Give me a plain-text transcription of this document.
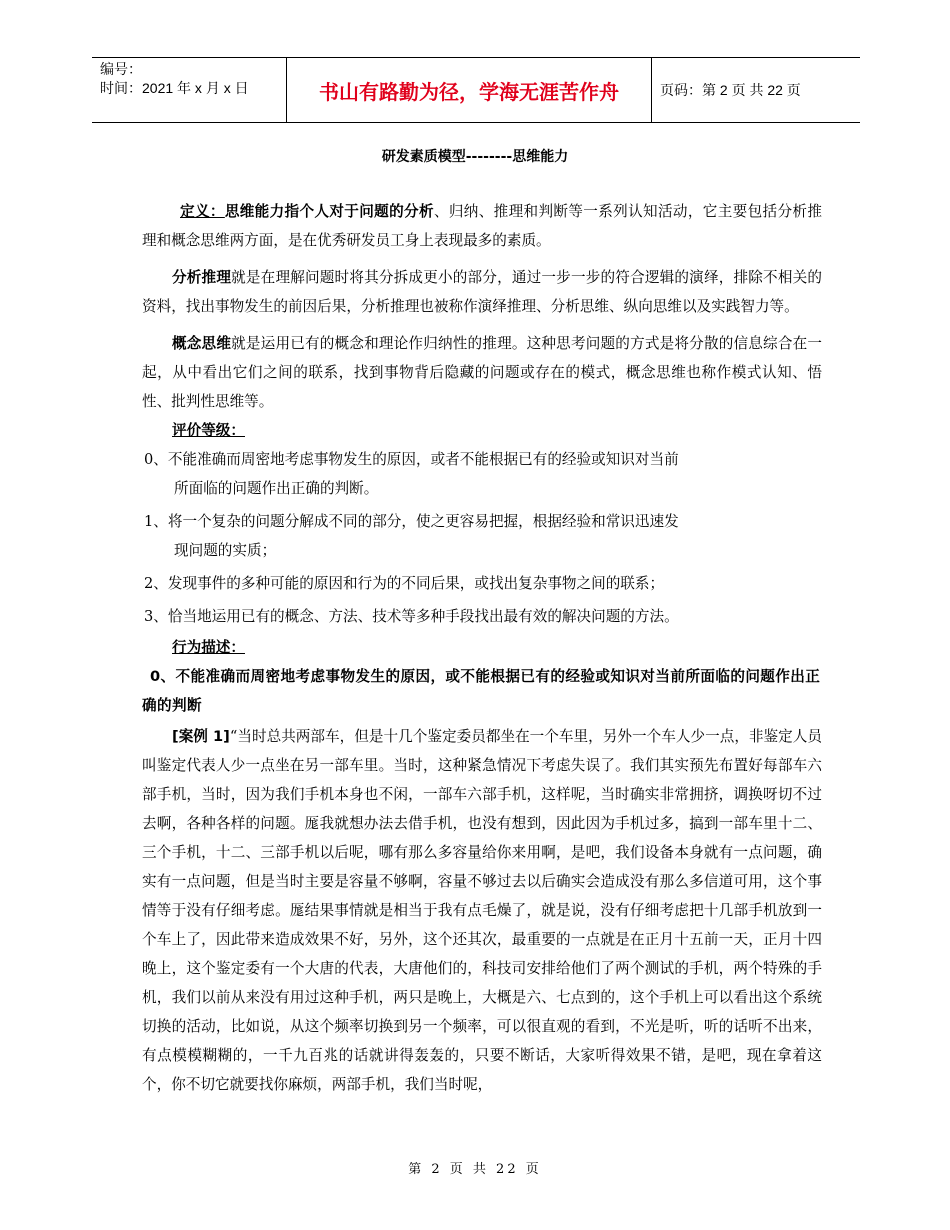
编号：
时间：2021 年 x 月 x 日	书山有路勤为径，学海无涯苦作舟	页码：第 2 页 共 22 页
研发素质模型--------思维能力

定义：思维能力指个人对于问题的分析、归纳、推理和判断等一系列认知活动，它主要包括分析推理和概念思维两方面，是在优秀研发员工身上表现最多的素质。

分析推理就是在理解问题时将其分拆成更小的部分，通过一步一步的符合逻辑的演绎，排除不相关的资料，找出事物发生的前因后果，分析推理也被称作演绎推理、分析思维、纵向思维以及实践智力等。

概念思维就是运用已有的概念和理论作归纳性的推理。这种思考问题的方式是将分散的信息综合在一起，从中看出它们之间的联系，找到事物背后隐藏的问题或存在的模式，概念思维也称作模式认知、悟性、批判性思维等。

评价等级：

0、不能准确而周密地考虑事物发生的原因，或者不能根据已有的经验或知识对当前

所面临的问题作出正确的判断。

1、将一个复杂的问题分解成不同的部分，使之更容易把握，根据经验和常识迅速发

现问题的实质；

2、发现事件的多种可能的原因和行为的不同后果，或找出复杂事物之间的联系；

3、恰当地运用已有的概念、方法、技术等多种手段找出最有效的解决问题的方法。

行为描述：

0、不能准确而周密地考虑事物发生的原因，或不能根据已有的经验或知识对当前所面临的问题作出正确的判断

[案例 1]“当时总共两部车，但是十几个鉴定委员都坐在一个车里，另外一个车人少一点，非鉴定人员叫鉴定代表人少一点坐在另一部车里。当时，这种紧急情况下考虑失误了。我们其实预先布置好每部车六部手机，当时，因为我们手机本身也不闲，一部车六部手机，这样呢，当时确实非常拥挤，调换呀切不过去啊，各种各样的问题。厖我就想办法去借手机，也没有想到，因此因为手机过多，搞到一部车里十二、三个手机，十二、三部手机以后呢，哪有那么多容量给你来用啊，是吧，我们设备本身就有一点问题，确实有一点问题，但是当时主要是容量不够啊，容量不够过去以后确实会造成没有那么多信道可用，这个事情等于没有仔细考虑。厖结果事情就是相当于我有点毛燥了，就是说，没有仔细考虑把十几部手机放到一个车上了，因此带来造成效果不好，另外，这个还其次，最重要的一点就是在正月十五前一天，正月十四晚上，这个鉴定委有一个大唐的代表，大唐他们的，科技司安排给他们了两个测试的手机，两个特殊的手机，我们以前从来没有用过这种手机，两只是晚上，大概是六、七点到的，这个手机上可以看出这个系统切换的活动，比如说，从这个频率切换到另一个频率，可以很直观的看到，不光是听，听的话听不出来，有点模模糊糊的，一千九百兆的话就讲得轰轰的，只要不断话，大家听得效果不错，是吧，现在拿着这个，你不切它就要找你麻烦，两部手机，我们当时呢，

第 2 页 共 22 页
